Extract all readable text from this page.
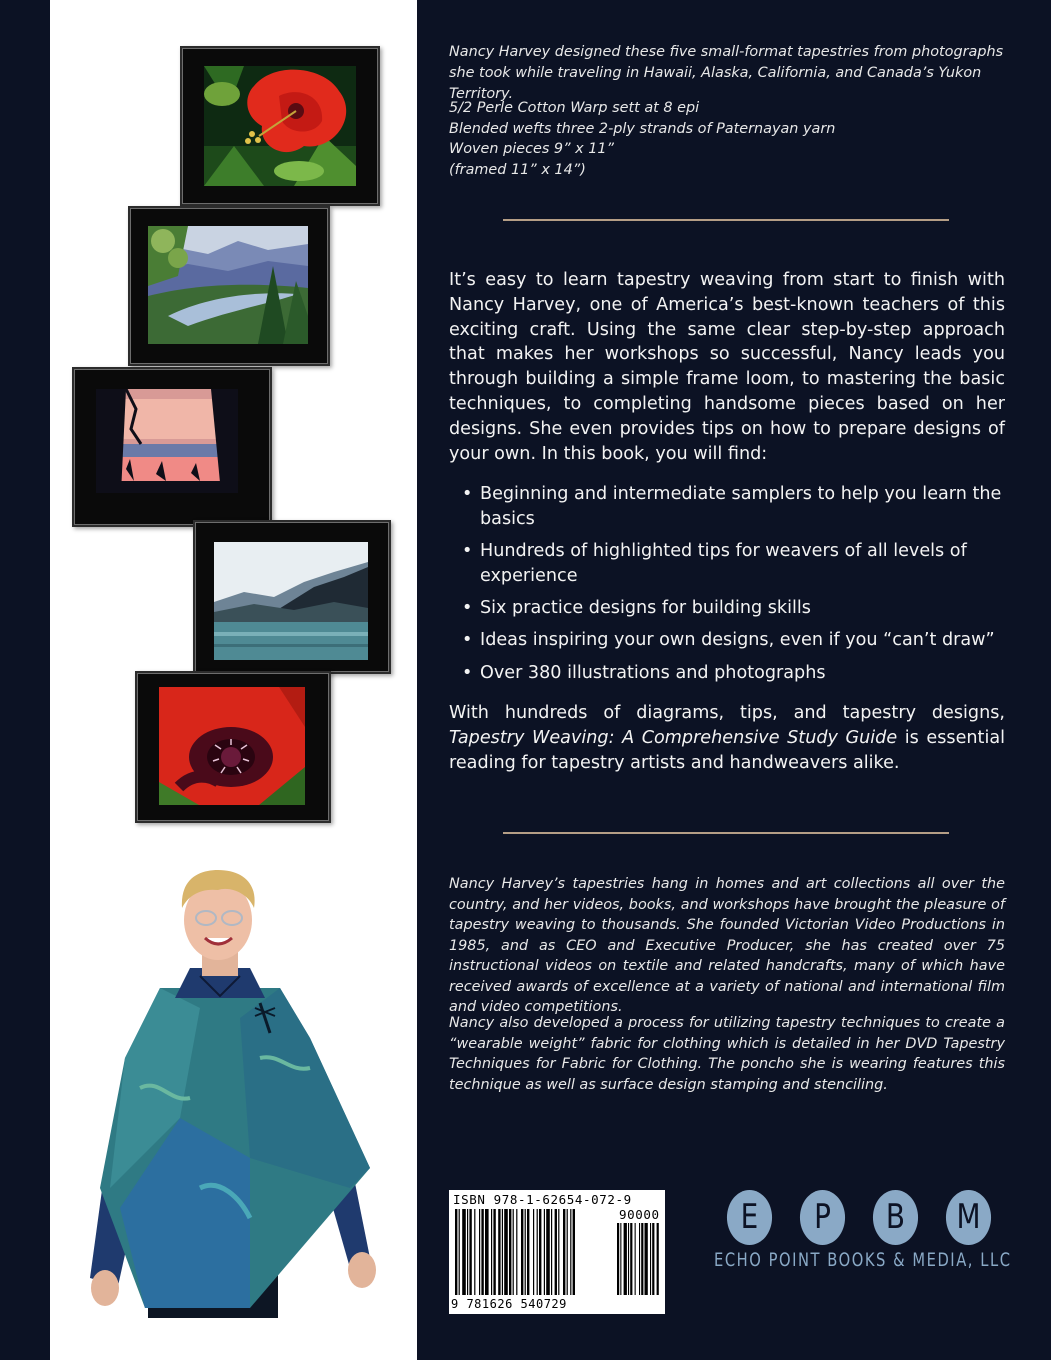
Nancy Harvey designed these five small-format tapestries from photographs she took while traveling in Hawaii, Alaska, California, and Canada’s Yukon Territory.

5/2 Perle Cotton Warp sett at 8 epi
Blended wefts three 2-ply strands of Paternayan yarn
Woven pieces 9” x 11”
(framed 11” x 14”)

It’s easy to learn tapestry weaving from start to finish with Nancy Harvey, one of America’s best-known teachers of this exciting craft. Using the same clear step-by-step approach that makes her workshops so successful, Nancy leads you through building a simple frame loom, to mastering the basic techniques, to completing handsome pieces based on her designs. She even provides tips on how to prepare designs of your own. In this book, you will find:

• Beginning and intermediate samplers to help you learn the basics
• Hundreds of highlighted tips for weavers of all levels of experience
• Six practice designs for building skills
• Ideas inspiring your own designs, even if you “can’t draw”
• Over 380 illustrations and photographs

With hundreds of diagrams, tips, and tapestry designs, Tapestry Weaving: A Comprehensive Study Guide is essential reading for tapestry artists and handweavers alike.

Nancy Harvey’s tapestries hang in homes and art collections all over the country, and her videos, books, and workshops have brought the pleasure of tapestry weaving to thousands. She founded Victorian Video Productions in 1985, and as CEO and Executive Producer, she has created over 75 instructional videos on textile and related handcrafts, many of which have received awards of excellence at a variety of national and international film and video competitions.

Nancy also developed a process for utilizing tapestry techniques to create a “wearable weight” fabric for clothing which is detailed in her DVD Tapestry Techniques for Fabric for Clothing. The poncho she is wearing features this technique as well as surface design stamping and stenciling.

ISBN 978-1-62654-072-9
90000
9 781626 540729
E	P	B	M
ECHO POINT BOOKS & MEDIA, LLC
